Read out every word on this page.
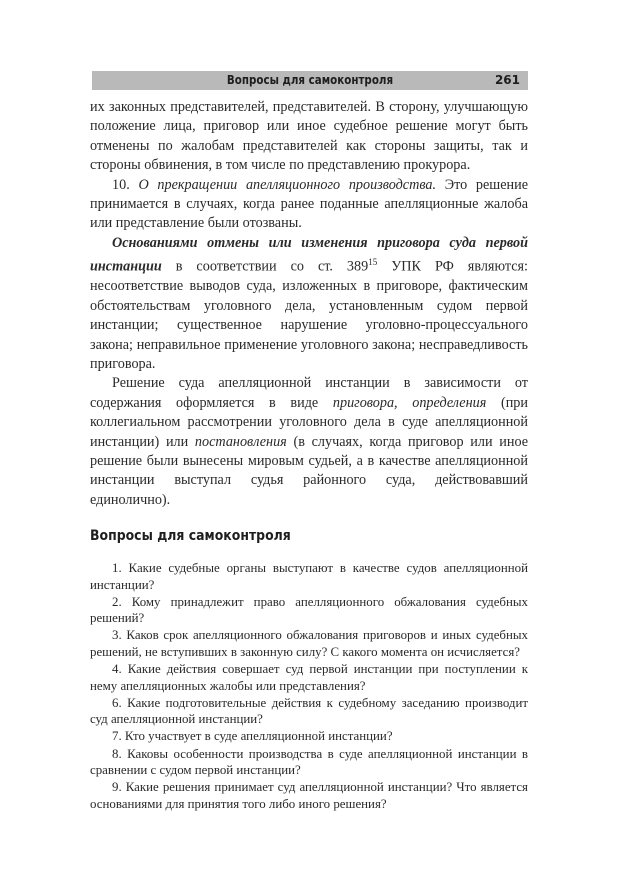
Вопросы для самоконтроля	261

их законных представителей, представителей. В сторону, улучшающую положение лица, приговор или иное судебное решение могут быть отменены по жалобам представителей как стороны защиты, так и стороны обвинения, в том числе по представлению прокурора.

10. О прекращении апелляционного производства. Это решение принимается в случаях, когда ранее поданные апелляционные жалоба или представление были отозваны.

Основаниями отмены или изменения приговора суда первой инстанции в соответствии со ст. $389^{15}$ УПК РФ являются: несоответствие выводов суда, изложенных в приговоре, фактическим обстоятельствам уголовного дела, установленным судом первой инстанции; существенное нарушение уголовно-процессуального закона; неправильное применение уголовного закона; несправедливость приговора.

Решение суда апелляционной инстанции в зависимости от содержания оформляется в виде приговора, определения (при коллегиальном рассмотрении уголовного дела в суде апелляционной инстанции) или постановления (в случаях, когда приговор или иное решение были вынесены мировым судьей, а в качестве апелляционной инстанции выступал судья районного суда, действовавший единолично).

Вопросы для самоконтроля

1. Какие судебные органы выступают в качестве судов апелляционной инстанции?

2. Кому принадлежит право апелляционного обжалования судебных решений?

3. Каков срок апелляционного обжалования приговоров и иных судебных решений, не вступивших в законную силу? С какого момента он исчисляется?

4. Какие действия совершает суд первой инстанции при поступлении к нему апелляционных жалобы или представления?

6. Какие подготовительные действия к судебному заседанию производит суд апелляционной инстанции?

7. Кто участвует в суде апелляционной инстанции?

8. Каковы особенности производства в суде апелляционной инстанции в сравнении с судом первой инстанции?

9. Какие решения принимает суд апелляционной инстанции? Что является основаниями для принятия того либо иного решения?
